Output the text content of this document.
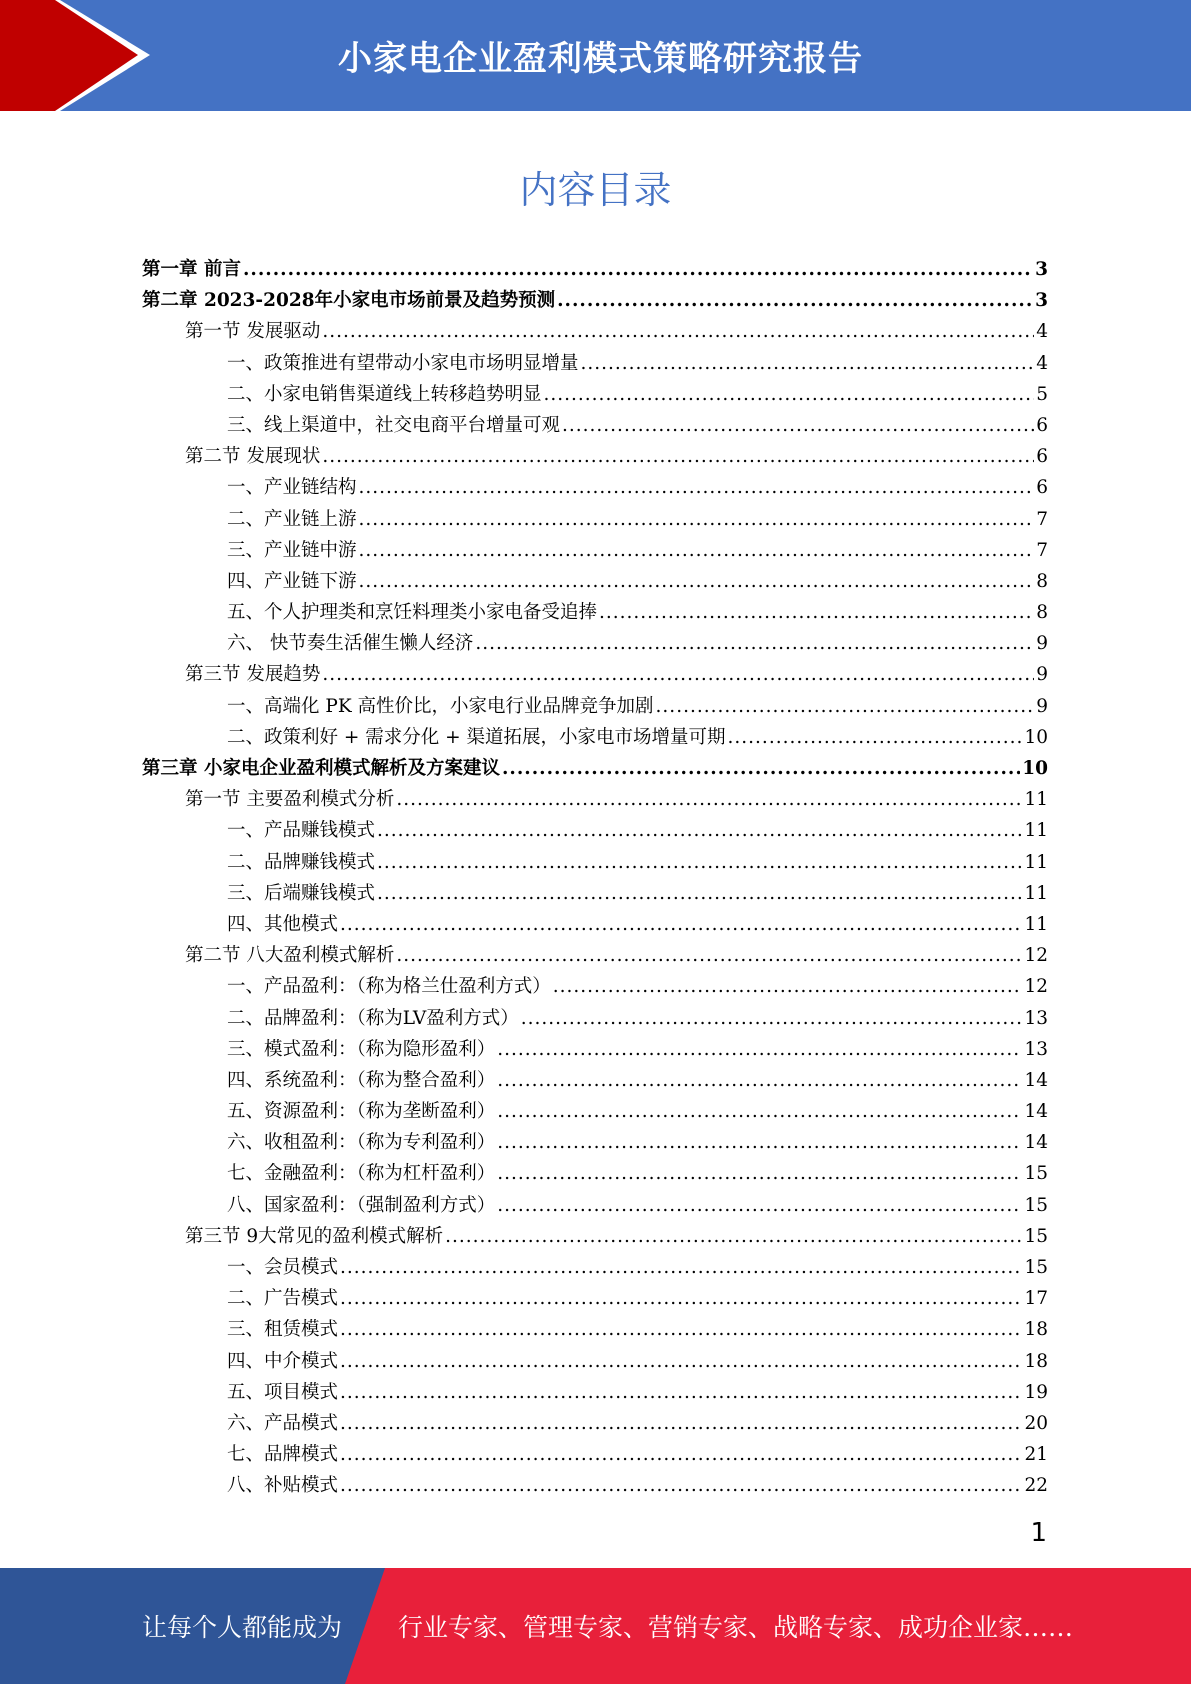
小家电企业盈利模式策略研究报告
内容目录
第一章 前言 .....	3
第二章 2023-2028年小家电市场前景及趋势预测 .....	3
第一节 发展驱动 .....	4
一、政策推进有望带动小家电市场明显增量 .....	4
二、小家电销售渠道线上转移趋势明显 .....	5
三、线上渠道中，社交电商平台增量可观 .....	6
第二节 发展现状 .....	6
一、产业链结构 .....	6
二、产业链上游 .....	7
三、产业链中游 .....	7
四、产业链下游 .....	8
五、个人护理类和烹饪料理类小家电备受追捧 .....	8
六、 快节奏生活催生懒人经济 .....	9
第三节 发展趋势 .....	9
一、高端化 PK 高性价比，小家电行业品牌竞争加剧 .....	9
二、政策利好 + 需求分化 + 渠道拓展，小家电市场增量可期 .....	10
第三章 小家电企业盈利模式解析及方案建议 .....	10
第一节 主要盈利模式分析 .....	11
一、产品赚钱模式 .....	11
二、品牌赚钱模式 .....	11
三、后端赚钱模式 .....	11
四、其他模式 .....	11
第二节 八大盈利模式解析 .....	12
一、产品盈利：（称为格兰仕盈利方式） .....	12
二、品牌盈利：（称为LV盈利方式） .....	13
三、模式盈利：（称为隐形盈利） .....	13
四、系统盈利：（称为整合盈利） .....	14
五、资源盈利：（称为垄断盈利） .....	14
六、收租盈利：（称为专利盈利） .....	14
七、金融盈利：（称为杠杆盈利） .....	15
八、国家盈利：（强制盈利方式） .....	15
第三节 9大常见的盈利模式解析 .....	15
一、会员模式 .....	15
二、广告模式 .....	17
三、租赁模式 .....	18
四、中介模式 .....	18
五、项目模式 .....	19
六、产品模式 .....	20
七、品牌模式 .....	21
八、补贴模式 .....	22
1
让每个人都能成为 行业专家、管理专家、营销专家、战略专家、成功企业家……
